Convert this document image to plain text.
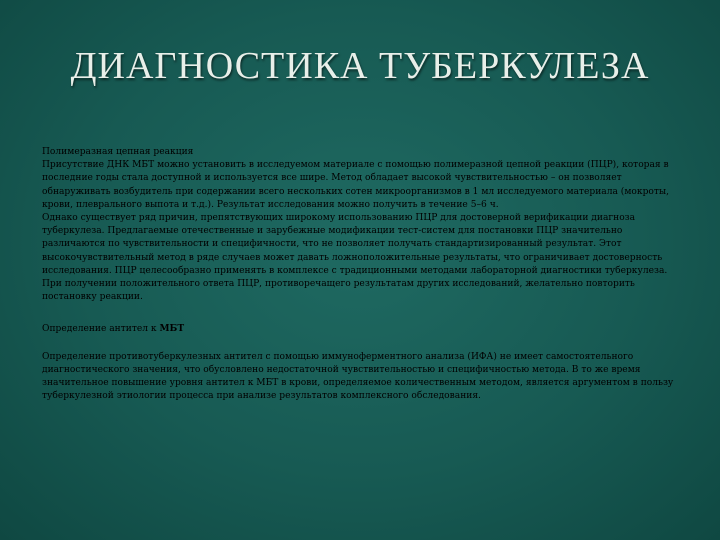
ДИАГНОСТИКА ТУБЕРКУЛЕЗА

Полимеразная цепная реакция

Присутствие ДНК МБТ можно установить в исследуемом материале с помощью полимеразной цепной реакции (ПЦР), которая в последние годы стала доступной и используется все шире. Метод обладает высокой чувствительностью – он позволяет обнаруживать возбудитель при содержании всего нескольких сотен микроорганизмов в 1 мл исследуемого материала (мокроты, крови, плеврального выпота и т.д.). Результат исследования можно получить в течение 5–6 ч.

Однако существует ряд причин, препятствующих широкому использованию ПЦР для достоверной верификации диагноза туберкулеза. Предлагаемые отечественные и зарубежные модификации тест-систем для постановки ПЦР значительно различаются по чувствительности и специфичности, что не позволяет получать стандартизированный результат. Этот высокочувствительный метод в ряде случаев может давать ложноположительные результаты, что ограничивает достоверность исследования. ПЦР целесообразно применять в комплексе с традиционными методами лабораторной диагностики туберкулеза. При получении положительного ответа ПЦР, противоречащего результатам других исследований, желательно повторить постановку реакции.

Определение антител к МБТ

Определение противотуберкулезных антител с помощью иммуноферментного анализа (ИФА) не имеет самостоятельного диагностического значения, что обусловлено недостаточной чувствительностью и специфичностью метода. В то же время значительное повышение уровня антител к МБТ в крови, определяемое количественным методом, является аргументом в пользу туберкулезной этиологии процесса при анализе результатов комплексного обследования.
